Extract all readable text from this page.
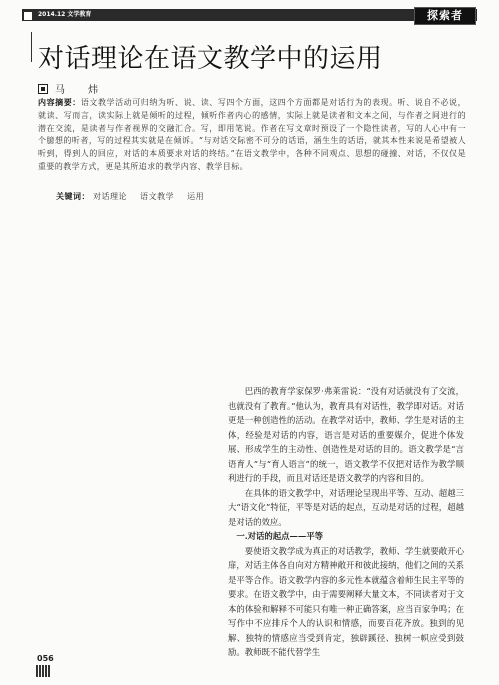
2014.12 文学教育	探索者
对话理论在语文教学中的运用
马 炜
内容摘要：语文教学活动可归纳为听、说、读、写四个方面，这四个方面都是对话行为的表现。听、说自不必说，就读、写而言，读实际上就是倾听的过程，倾听作者内心的感情，实际上就是读者和文本之间，与作者之间进行的潜在交流，是读者与作者视界的交融汇合。写，即用笔说。作者在写文章时预设了一个隐性读者，写的人心中有一个臆想的听者，写的过程其实就是在倾诉。“与对话交际密不可分的话语，涵生生的话语，就其本性来说是希望被人听到，得到人的回应，对话的本质要求对话的终结。”在语文教学中，各种不同观点、思想的碰撞、对话，不仅仅是重要的教学方式，更是其所追求的教学内容、教学目标。
关键词： 对话理论 语文教学 运用

巴西的教育学家保罗·弗莱雷说：“没有对话就没有了交流，也就没有了教育。”他认为，教育具有对话性，教学即对话。对话更是一种创造性的活动。在教学对话中，教师、学生是对话的主体，经验是对话的内容，语言是对话的重要媒介，促进个体发展、形成学生的主动性、创造性是对话的目的。语文教学是“言语育人”与“育人语言”的统一，语文教学不仅把对话作为教学顺利进行的手段，而且对话还是语文教学的内容和目的。

在具体的语文教学中，对话理论呈现出平等、互动、超越三大“语文化”特征，平等是对话的起点，互动是对话的过程，超越是对话的效应。

一.对话的起点——平等

要使语文教学成为真正的对话教学，教师、学生就要敞开心扉，对话主体各自向对方精神敞开和彼此接纳，他们之间的关系是平等合作。语文教学内容的多元性本就蕴含着师生民主平等的要求。在语文教学中，由于需要阐释大量文本，不同读者对于文本的体验和解释不可能只有唯一种正确答案，应当百家争鸣；在写作中不应排斥个人的认识和情感，而要百花齐放。独到的见解、独特的情感应当受到肯定，独辟蹊径、独树一帜应受到鼓励。教师既不能代替学生

056
